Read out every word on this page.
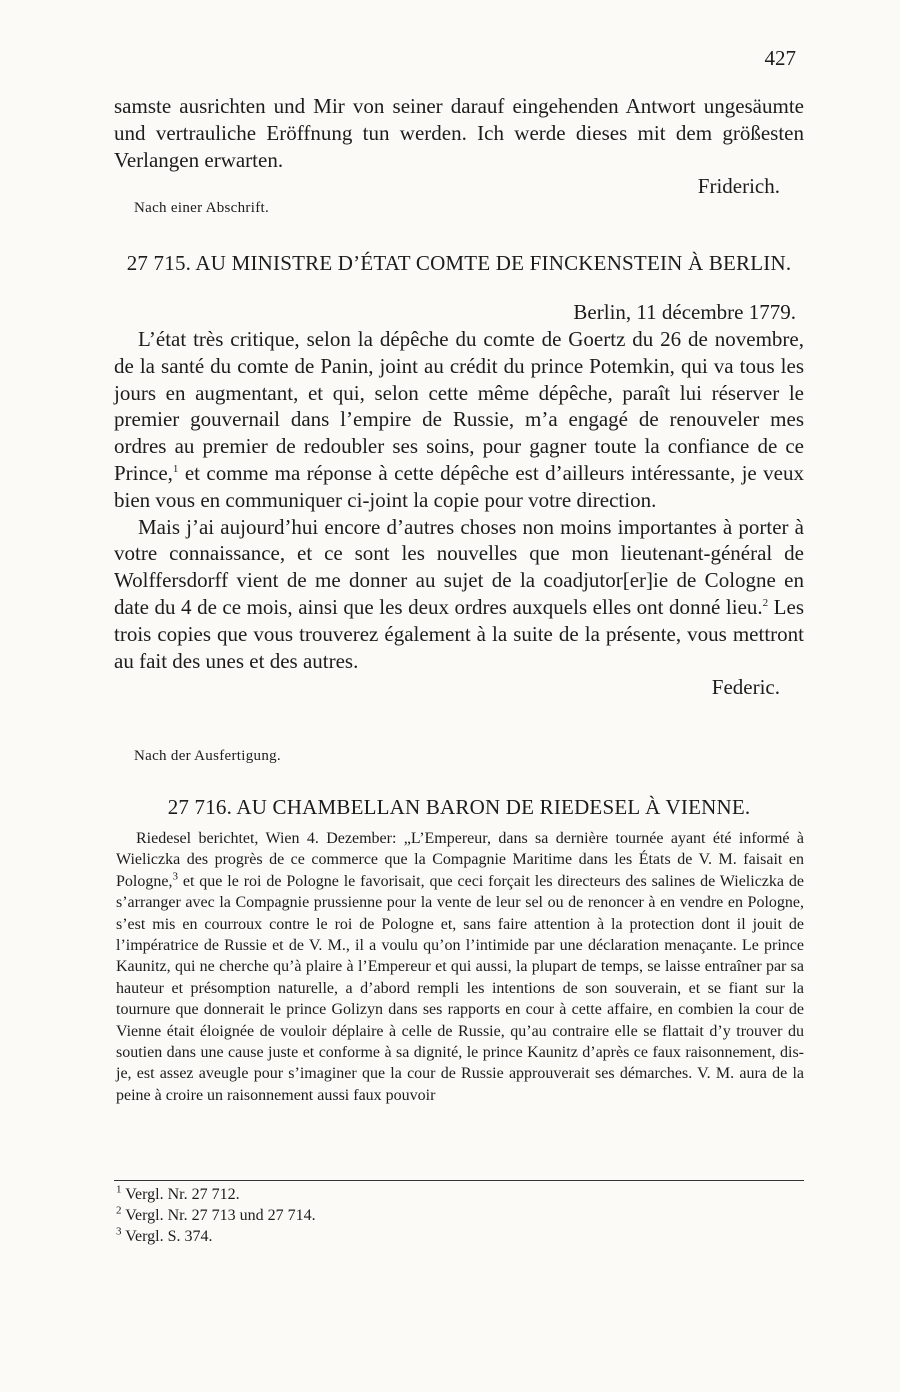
427

samste ausrichten und Mir von seiner darauf eingehenden Antwort ungesäumte und vertrauliche Eröffnung tun werden. Ich werde dieses mit dem größesten Verlangen erwarten.

Friderich.

Nach einer Abschrift.
27 715. AU MINISTRE D’ÉTAT COMTE DE FINCKENSTEIN À BERLIN.
Berlin, 11 décembre 1779.

L’état très critique, selon la dépêche du comte de Goertz du 26 de novembre, de la santé du comte de Panin, joint au crédit du prince Potemkin, qui va tous les jours en augmentant, et qui, selon cette même dépêche, paraît lui réserver le premier gouvernail dans l’empire de Russie, m’a engagé de renouveler mes ordres au premier de redoubler ses soins, pour gagner toute la confiance de ce Prince,$^1$ et comme ma réponse à cette dépêche est d’ailleurs intéressante, je veux bien vous en communiquer ci-joint la copie pour votre direction.

Mais j’ai aujourd’hui encore d’autres choses non moins importantes à porter à votre connaissance, et ce sont les nouvelles que mon lieutenant-général de Wolffersdorff vient de me donner au sujet de la coadjutor[er]ie de Cologne en date du 4 de ce mois, ainsi que les deux ordres auxquels elles ont donné lieu.$^2$ Les trois copies que vous trouverez également à la suite de la présente, vous mettront au fait des unes et des autres.

Federic.

Nach der Ausfertigung.
27 716. AU CHAMBELLAN BARON DE RIEDESEL À VIENNE.
Riedesel berichtet, Wien 4. Dezember: „L’Empereur, dans sa dernière tournée ayant été informé à Wieliczka des progrès de ce commerce que la Compagnie Maritime dans les États de V. M. faisait en Pologne,$^3$ et que le roi de Pologne le favorisait, que ceci forçait les directeurs des salines de Wieliczka de s’arranger avec la Compagnie prussienne pour la vente de leur sel ou de renoncer à en vendre en Pologne, s’est mis en courroux contre le roi de Pologne et, sans faire attention à la protection dont il jouit de l’impératrice de Russie et de V. M., il a voulu qu’on l’intimide par une déclaration menaçante. Le prince Kaunitz, qui ne cherche qu’à plaire à l’Empereur et qui aussi, la plupart de temps, se laisse entraîner par sa hauteur et présomption naturelle, a d’abord rempli les intentions de son souverain, et se fiant sur la tournure que donnerait le prince Golizyn dans ses rapports en cour à cette affaire, en combien la cour de Vienne était éloignée de vouloir déplaire à celle de Russie, qu’au contraire elle se flattait d’y trouver du soutien dans une cause juste et conforme à sa dignité, le prince Kaunitz d’après ce faux raisonnement, dis-je, est assez aveugle pour s’imaginer que la cour de Russie approuverait ses démarches. V. M. aura de la peine à croire un raisonnement aussi faux pouvoir
$^1$ Vergl. Nr. 27 712.
$^2$ Vergl. Nr. 27 713 und 27 714.
$^3$ Vergl. S. 374.
